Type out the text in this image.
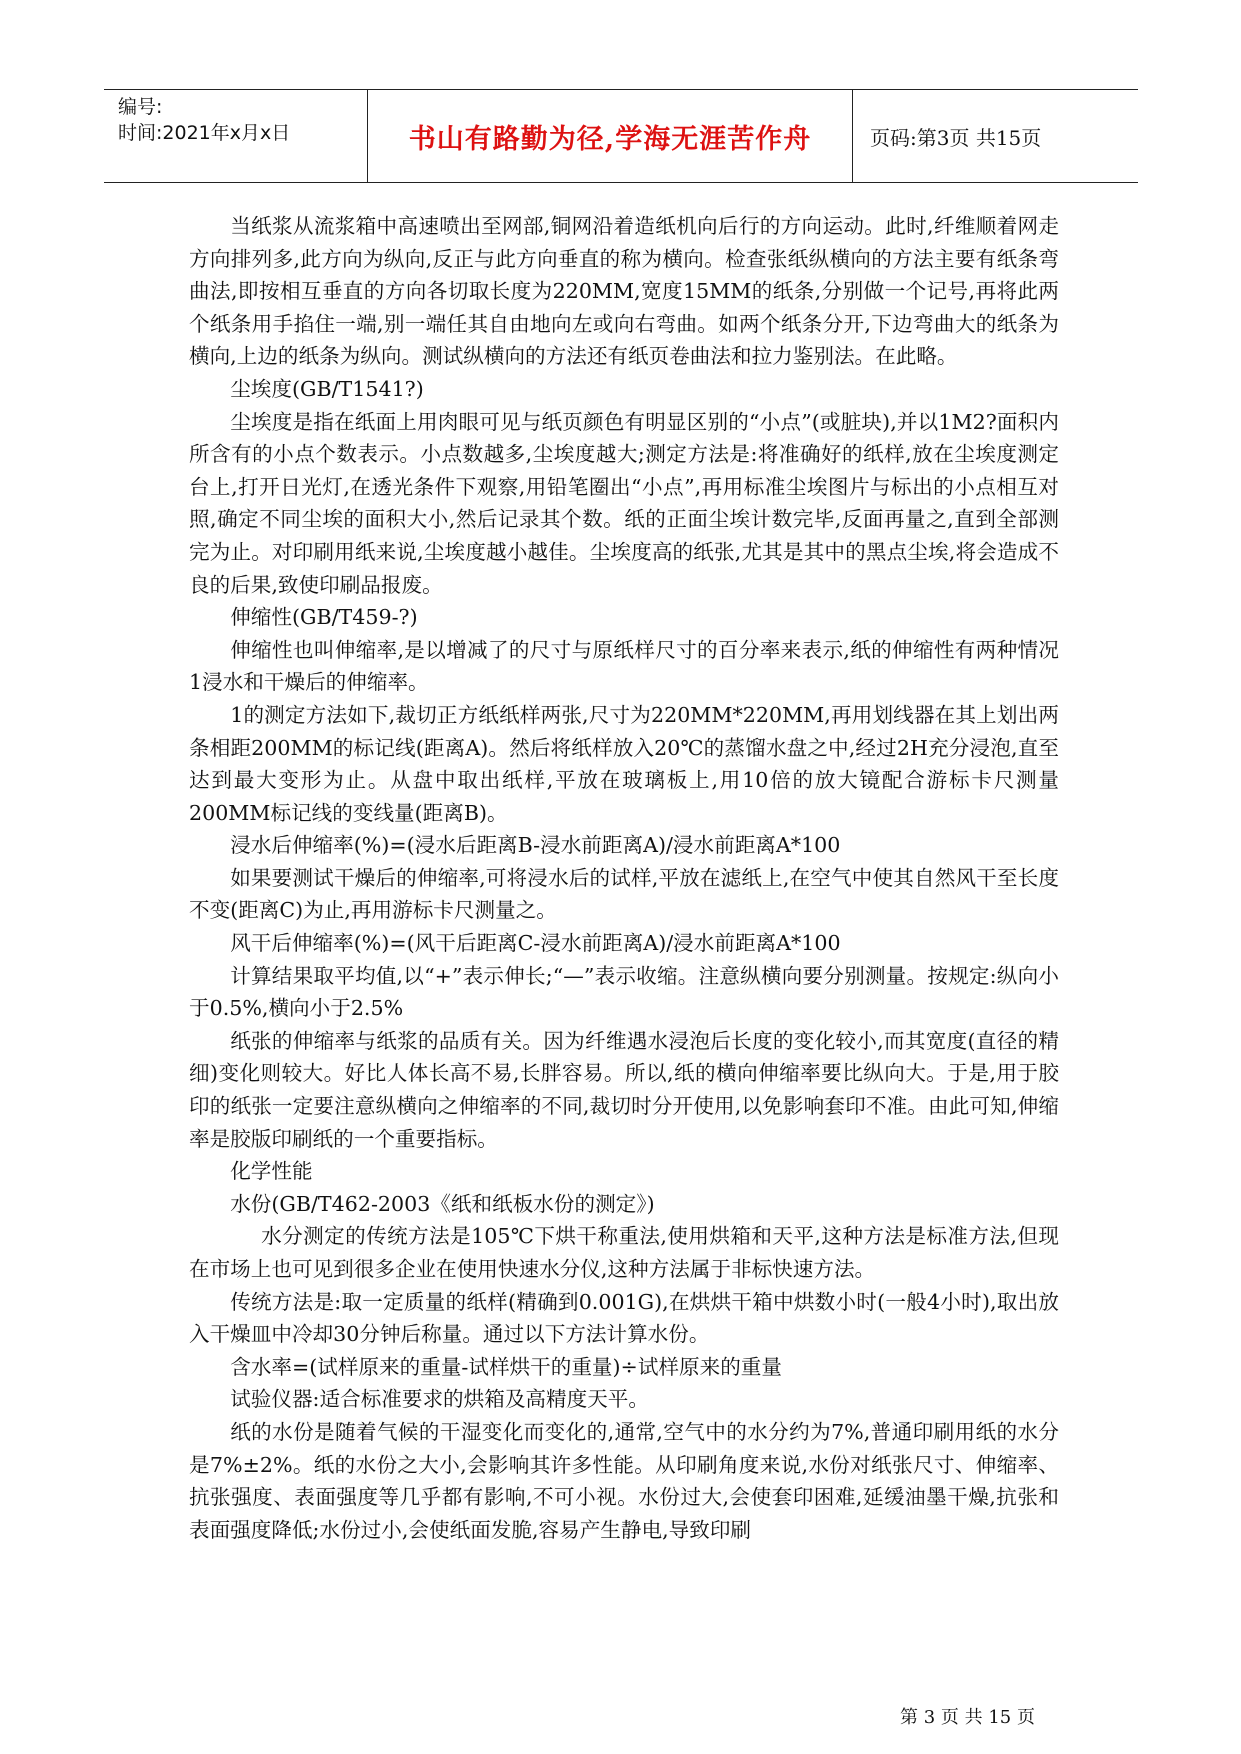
编号:
时间:2021年x月x日	书山有路勤为径,学海无涯苦作舟	页码:第3页 共15页

当纸浆从流浆箱中高速喷出至网部,铜网沿着造纸机向后行的方向运动。此时,纤维顺着网走方向排列多,此方向为纵向,反正与此方向垂直的称为横向。检查张纸纵横向的方法主要有纸条弯曲法,即按相互垂直的方向各切取长度为220MM,宽度15MM的纸条,分别做一个记号,再将此两个纸条用手掐住一端,别一端任其自由地向左或向右弯曲。如两个纸条分开,下边弯曲大的纸条为横向,上边的纸条为纵向。测试纵横向的方法还有纸页卷曲法和拉力鉴别法。在此略。

尘埃度(GB/T1541?)

尘埃度是指在纸面上用肉眼可见与纸页颜色有明显区别的“小点”(或脏块),并以1M2?面积内所含有的小点个数表示。小点数越多,尘埃度越大;测定方法是:将准确好的纸样,放在尘埃度测定台上,打开日光灯,在透光条件下观察,用铅笔圈出“小点”,再用标准尘埃图片与标出的小点相互对照,确定不同尘埃的面积大小,然后记录其个数。纸的正面尘埃计数完毕,反面再量之,直到全部测完为止。对印刷用纸来说,尘埃度越小越佳。尘埃度高的纸张,尤其是其中的黑点尘埃,将会造成不良的后果,致使印刷品报废。

伸缩性(GB/T459-?)

伸缩性也叫伸缩率,是以增减了的尺寸与原纸样尺寸的百分率来表示,纸的伸缩性有两种情况1浸水和干燥后的伸缩率。

1的测定方法如下,裁切正方纸纸样两张,尺寸为220MM*220MM,再用划线器在其上划出两条相距200MM的标记线(距离A)。然后将纸样放入20℃的蒸馏水盘之中,经过2H充分浸泡,直至达到最大变形为止。从盘中取出纸样,平放在玻璃板上,用10倍的放大镜配合游标卡尺测量200MM标记线的变线量(距离B)。

浸水后伸缩率(%)=(浸水后距离B-浸水前距离A)/浸水前距离A*100

如果要测试干燥后的伸缩率,可将浸水后的试样,平放在滤纸上,在空气中使其自然风干至长度不变(距离C)为止,再用游标卡尺测量之。

风干后伸缩率(%)=(风干后距离C-浸水前距离A)/浸水前距离A*100

计算结果取平均值,以“+”表示伸长;“—”表示收缩。注意纵横向要分别测量。按规定:纵向小于0.5%,横向小于2.5%

纸张的伸缩率与纸浆的品质有关。因为纤维遇水浸泡后长度的变化较小,而其宽度(直径的精细)变化则较大。好比人体长高不易,长胖容易。所以,纸的横向伸缩率要比纵向大。于是,用于胶印的纸张一定要注意纵横向之伸缩率的不同,裁切时分开使用,以免影响套印不准。由此可知,伸缩率是胶版印刷纸的一个重要指标。

化学性能

水份(GB/T462-2003《纸和纸板水份的测定》)

水分测定的传统方法是105℃下烘干称重法,使用烘箱和天平,这种方法是标准方法,但现在市场上也可见到很多企业在使用快速水分仪,这种方法属于非标快速方法。

传统方法是:取一定质量的纸样(精确到0.001G),在烘烘干箱中烘数小时(一般4小时),取出放入干燥皿中冷却30分钟后称量。通过以下方法计算水份。

含水率=(试样原来的重量-试样烘干的重量)÷试样原来的重量

试验仪器:适合标准要求的烘箱及高精度天平。

纸的水份是随着气候的干湿变化而变化的,通常,空气中的水分约为7%,普通印刷用纸的水分是7%±2%。纸的水份之大小,会影响其许多性能。从印刷角度来说,水份对纸张尺寸、伸缩率、抗张强度、表面强度等几乎都有影响,不可小视。水份过大,会使套印困难,延缓油墨干燥,抗张和表面强度降低;水份过小,会使纸面发脆,容易产生静电,导致印刷

第 3 页 共 15 页
